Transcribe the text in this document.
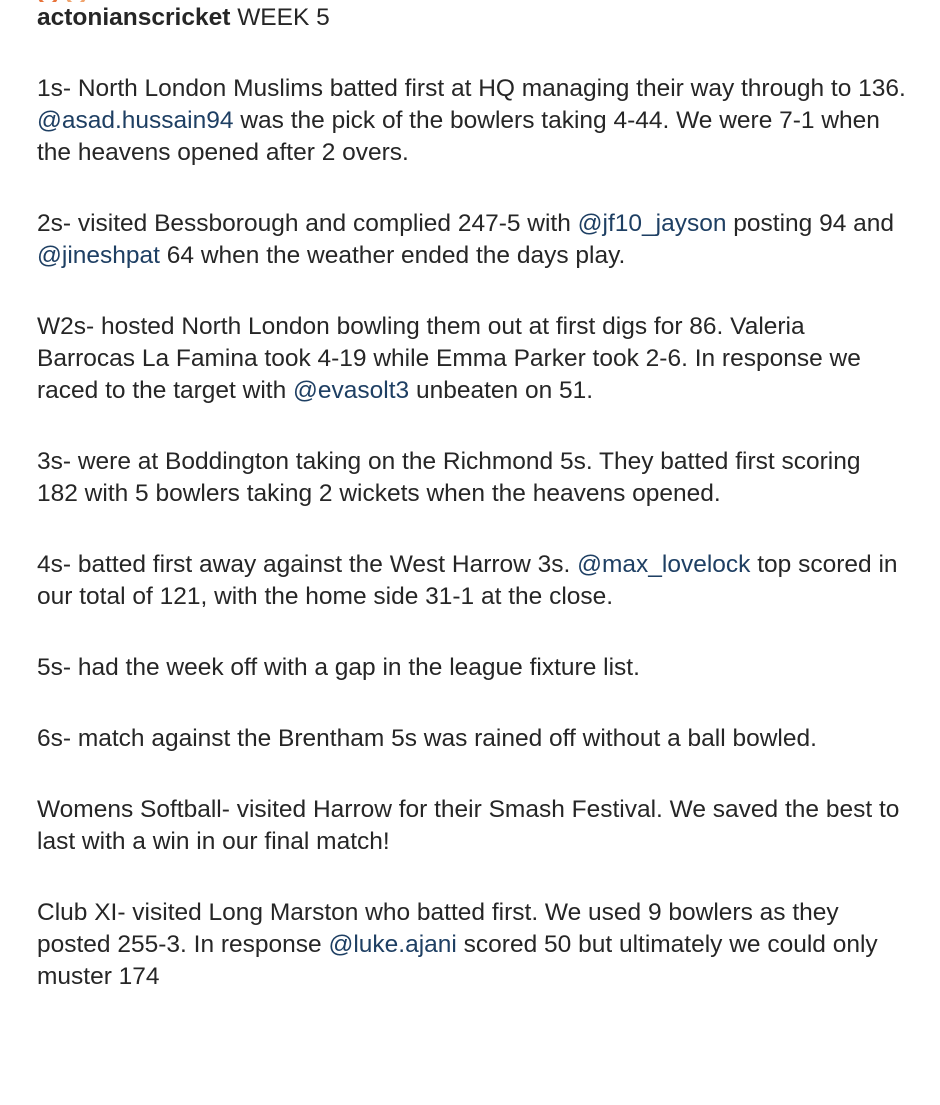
actonianscricket WEEK 5

1s- North London Muslims batted first at HQ managing their way through to 136. @asad.hussain94 was the pick of the bowlers taking 4-44. We were 7-1 when the heavens opened after 2 overs.

2s- visited Bessborough and complied 247-5 with @jf10_jayson posting 94 and @jineshpat 64 when the weather ended the days play.

W2s- hosted North London bowling them out at first digs for 86. Valeria Barrocas La Famina took 4-19 while Emma Parker took 2-6. In response we raced to the target with @evasolt3 unbeaten on 51.

3s- were at Boddington taking on the Richmond 5s. They batted first scoring 182 with 5 bowlers taking 2 wickets when the heavens opened.

4s- batted first away against the West Harrow 3s. @max_lovelock top scored in our total of 121, with the home side 31-1 at the close.

5s- had the week off with a gap in the league fixture list.

6s- match against the Brentham 5s was rained off without a ball bowled.

Womens Softball- visited Harrow for their Smash Festival. We saved the best to last with a win in our final match!

Club XI- visited Long Marston who batted first. We used 9 bowlers as they posted 255-3. In response @luke.ajani scored 50 but ultimately we could only muster 174
